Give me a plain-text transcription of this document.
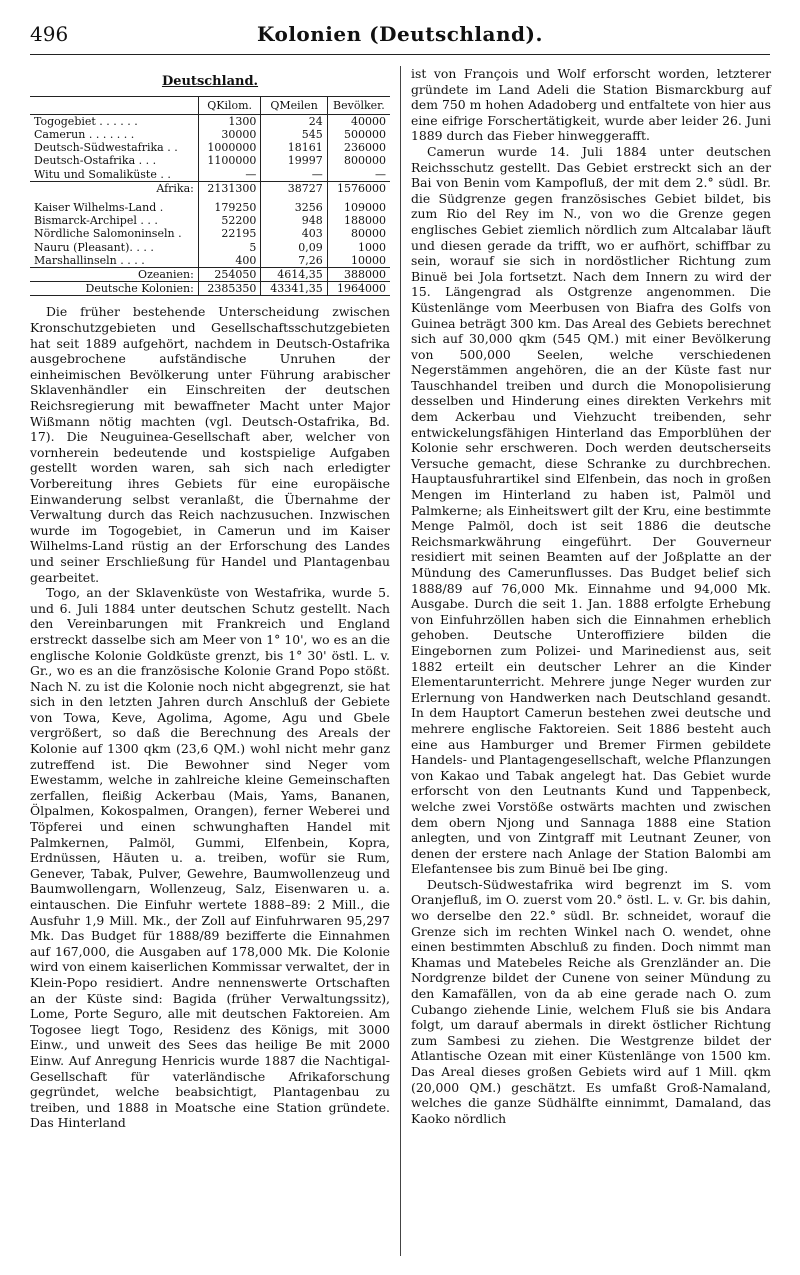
496	Kolonien (Deutschland).
Deutschland.
	QKilom.	QMeilen	Bevölker.
Togogebiet . . . . . .	1300	24	40000
Camerun . . . . . . .	30000	545	500000
Deutsch-Südwestafrika . .	1000000	18161	236000
Deutsch-Ostafrika . . .	1100000	19997	800000
Witu und Somaliküste . .	—	—	—
Afrika:	2131300	38727	1576000

Kaiser Wilhelms-Land .	179250	3256	109000
Bismarck-Archipel . . .	52200	948	188000
Nördliche Salomoninseln .	22195	403	80000
Nauru (Pleasant). . . .	5	0,09	1000
Marshallinseln . . . .	400	7,26	10000
Ozeanien:	254050	4614,35	388000
Deutsche Kolonien:	2385350	43341,35	1964000

Die früher bestehende Unterscheidung zwischen Kronschutzgebieten und Gesellschaftsschutzgebieten hat seit 1889 aufgehört, nachdem in Deutsch-Ostafrika ausgebrochene aufständische Unruhen der einheimischen Bevölkerung unter Führung arabischer Sklavenhändler ein Einschreiten der deutschen Reichsregierung mit bewaffneter Macht unter Major Wißmann nötig machten (vgl. Deutsch-Ostafrika, Bd. 17). Die Neuguinea-Gesellschaft aber, welcher von vornherein bedeutende und kostspielige Aufgaben gestellt worden waren, sah sich nach erledigter Vorbereitung ihres Gebiets für eine europäische Einwanderung selbst veranlaßt, die Übernahme der Verwaltung durch das Reich nachzusuchen. Inzwischen wurde im Togogebiet, in Camerun und im Kaiser Wilhelms-Land rüstig an der Erforschung des Landes und seiner Erschließung für Handel und Plantagenbau gearbeitet.

Togo, an der Sklavenküste von Westafrika, wurde 5. und 6. Juli 1884 unter deutschen Schutz gestellt. Nach den Vereinbarungen mit Frankreich und England erstreckt dasselbe sich am Meer von 1° 10', wo es an die englische Kolonie Goldküste grenzt, bis 1° 30' östl. L. v. Gr., wo es an die französische Kolonie Grand Popo stößt. Nach N. zu ist die Kolonie noch nicht abgegrenzt, sie hat sich in den letzten Jahren durch Anschluß der Gebiete von Towa, Keve, Agolima, Agome, Agu und Gbele vergrößert, so daß die Berechnung des Areals der Kolonie auf 1300 qkm (23,6 QM.) wohl nicht mehr ganz zutreffend ist. Die Bewohner sind Neger vom Ewestamm, welche in zahlreiche kleine Gemeinschaften zerfallen, fleißig Ackerbau (Mais, Yams, Bananen, Ölpalmen, Kokospalmen, Orangen), ferner Weberei und Töpferei und einen schwunghaften Handel mit Palmkernen, Palmöl, Gummi, Elfenbein, Kopra, Erdnüssen, Häuten u. a. treiben, wofür sie Rum, Genever, Tabak, Pulver, Gewehre, Baumwollenzeug und Baumwollengarn, Wollenzeug, Salz, Eisenwaren u. a. eintauschen. Die Einfuhr wertete 1888–89: 2 Mill., die Ausfuhr 1,9 Mill. Mk., der Zoll auf Einfuhrwaren 95,297 Mk. Das Budget für 1888/89 bezifferte die Einnahmen auf 167,000, die Ausgaben auf 178,000 Mk. Die Kolonie wird von einem kaiserlichen Kommissar verwaltet, der in Klein-Popo residiert. Andre nennenswerte Ortschaften an der Küste sind: Bagida (früher Verwaltungssitz), Lome, Porte Seguro, alle mit deutschen Faktoreien. Am Togosee liegt Togo, Residenz des Königs, mit 3000 Einw., und unweit des Sees das heilige Be mit 2000 Einw. Auf Anregung Henricis wurde 1887 die Nachtigal-Gesellschaft für vaterländische Afrikaforschung gegründet, welche beabsichtigt, Plantagenbau zu treiben, und 1888 in Moatsche eine Station gründete. Das Hinterland

ist von François und Wolf erforscht worden, letzterer gründete im Land Adeli die Station Bismarckburg auf dem 750 m hohen Adadoberg und entfaltete von hier aus eine eifrige Forschertätigkeit, wurde aber leider 26. Juni 1889 durch das Fieber hinweggerafft.

Camerun wurde 14. Juli 1884 unter deutschen Reichsschutz gestellt. Das Gebiet erstreckt sich an der Bai von Benin vom Kampofluß, der mit dem 2.° südl. Br. die Südgrenze gegen französisches Gebiet bildet, bis zum Rio del Rey im N., von wo die Grenze gegen englisches Gebiet ziemlich nördlich zum Altcalabar läuft und diesen gerade da trifft, wo er aufhört, schiffbar zu sein, worauf sie sich in nordöstlicher Richtung zum Binuë bei Jola fortsetzt. Nach dem Innern zu wird der 15. Längengrad als Ostgrenze angenommen. Die Küstenlänge vom Meerbusen von Biafra des Golfs von Guinea beträgt 300 km. Das Areal des Gebiets berechnet sich auf 30,000 qkm (545 QM.) mit einer Bevölkerung von 500,000 Seelen, welche verschiedenen Negerstämmen angehören, die an der Küste fast nur Tauschhandel treiben und durch die Monopolisierung desselben und Hinderung eines direkten Verkehrs mit dem Ackerbau und Viehzucht treibenden, sehr entwickelungsfähigen Hinterland das Emporblühen der Kolonie sehr erschweren. Doch werden deutscherseits Versuche gemacht, diese Schranke zu durchbrechen. Hauptausfuhrartikel sind Elfenbein, das noch in großen Mengen im Hinterland zu haben ist, Palmöl und Palmkerne; als Einheitswert gilt der Kru, eine bestimmte Menge Palmöl, doch ist seit 1886 die deutsche Reichsmarkwährung eingeführt. Der Gouverneur residiert mit seinen Beamten auf der Joßplatte an der Mündung des Camerunflusses. Das Budget belief sich 1888/89 auf 76,000 Mk. Einnahme und 94,000 Mk. Ausgabe. Durch die seit 1. Jan. 1888 erfolgte Erhebung von Einfuhrzöllen haben sich die Einnahmen erheblich gehoben. Deutsche Unteroffiziere bilden die Eingebornen zum Polizei- und Marinedienst aus, seit 1882 erteilt ein deutscher Lehrer an die Kinder Elementarunterricht. Mehrere junge Neger wurden zur Erlernung von Handwerken nach Deutschland gesandt. In dem Hauptort Camerun bestehen zwei deutsche und mehrere englische Faktoreien. Seit 1886 besteht auch eine aus Hamburger und Bremer Firmen gebildete Handels- und Plantagengesellschaft, welche Pflanzungen von Kakao und Tabak angelegt hat. Das Gebiet wurde erforscht von den Leutnants Kund und Tappenbeck, welche zwei Vorstöße ostwärts machten und zwischen dem obern Njong und Sannaga 1888 eine Station anlegten, und von Zintgraff mit Leutnant Zeuner, von denen der erstere nach Anlage der Station Balombi am Elefantensee bis zum Binuë bei Ibe ging.

Deutsch-Südwestafrika wird begrenzt im S. vom Oranjefluß, im O. zuerst vom 20.° östl. L. v. Gr. bis dahin, wo derselbe den 22.° südl. Br. schneidet, worauf die Grenze sich im rechten Winkel nach O. wendet, ohne einen bestimmten Abschluß zu finden. Doch nimmt man Khamas und Matebeles Reiche als Grenzländer an. Die Nordgrenze bildet der Cunene von seiner Mündung zu den Kamafällen, von da ab eine gerade nach O. zum Cubango ziehende Linie, welchem Fluß sie bis Andara folgt, um darauf abermals in direkt östlicher Richtung zum Sambesi zu ziehen. Die Westgrenze bildet der Atlantische Ozean mit einer Küstenlänge von 1500 km. Das Areal dieses großen Gebiets wird auf 1 Mill. qkm (20,000 QM.) geschätzt. Es umfaßt Groß-Namaland, welches die ganze Südhälfte einnimmt, Damaland, das Kaoko nördlich
